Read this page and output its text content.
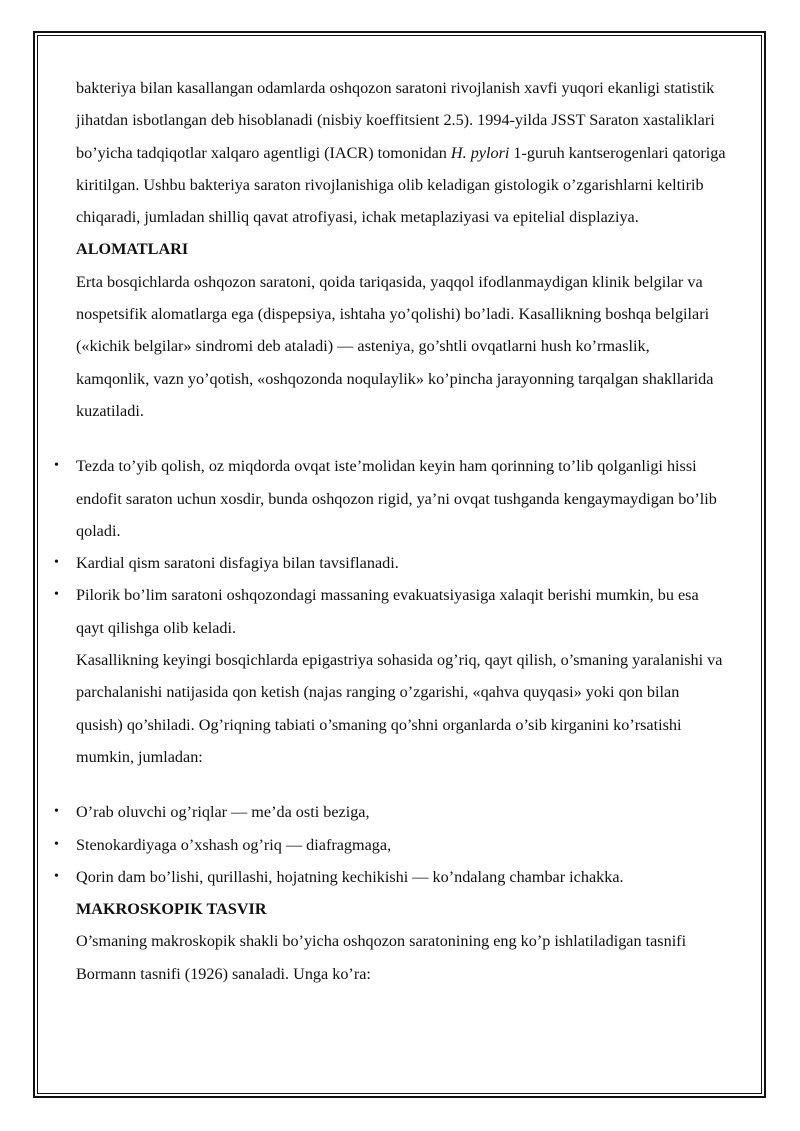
bakteriya bilan kasallangan odamlarda oshqozon saratoni rivojlanish xavfi yuqori ekanligi statistik jihatdan isbotlangan deb hisoblanadi (nisbiy koeffitsient 2.5). 1994-yilda JSST Saraton xastaliklari bo’yicha tadqiqotlar xalqaro agentligi (IACR) tomonidan H. pylori 1-guruh kantserogenlari qatoriga kiritilgan. Ushbu bakteriya saraton rivojlanishiga olib keladigan gistologik o’zgarishlarni keltirib chiqaradi, jumladan shilliq qavat atrofiyasi, ichak metaplaziyasi va epitelial displaziya.

ALOMATLARI

Erta bosqichlarda oshqozon saratoni, qoida tariqasida, yaqqol ifodlanmaydigan klinik belgilar va nospetsifik alomatlarga ega (dispepsiya, ishtaha yo’qolishi) bo’ladi. Kasallikning boshqa belgilari («kichik belgilar» sindromi deb ataladi) — asteniya, go’shtli ovqatlarni hush ko’rmaslik, kamqonlik, vazn yo’qotish, «oshqozonda noqulaylik» ko’pincha jarayonning tarqalgan shakllarida kuzatiladi.

• Tezda to’yib qolish, oz miqdorda ovqat iste’molidan keyin ham qorinning to’lib qolganligi hissi endofit saraton uchun xosdir, bunda oshqozon rigid, ya’ni ovqat tushganda kengaymaydigan bo’lib qoladi.
• Kardial qism saratoni disfagiya bilan tavsiflanadi.
• Pilorik bo’lim saratoni oshqozondagi massaning evakuatsiyasiga xalaqit berishi mumkin, bu esa qayt qilishga olib keladi.

Kasallikning keyingi bosqichlarda epigastriya sohasida og’riq, qayt qilish, o’smaning yaralanishi va parchalanishi natijasida qon ketish (najas ranging o’zgarishi, «qahva quyqasi» yoki qon bilan qusish) qo’shiladi. Og’riqning tabiati o’smaning qo’shni organlarda o’sib kirganini ko’rsatishi mumkin, jumladan:

• O’rab oluvchi og’riqlar — me’da osti beziga,
• Stenokardiyaga o’xshash og’riq — diafragmaga,
• Qorin dam bo’lishi, qurillashi, hojatning kechikishi — ko’ndalang chambar ichakka.

MAKROSKOPIK TASVIR

O’smaning makroskopik shakli bo’yicha oshqozon saratonining eng ko’p ishlatiladigan tasnifi Bormann tasnifi (1926) sanaladi. Unga ko’ra:
